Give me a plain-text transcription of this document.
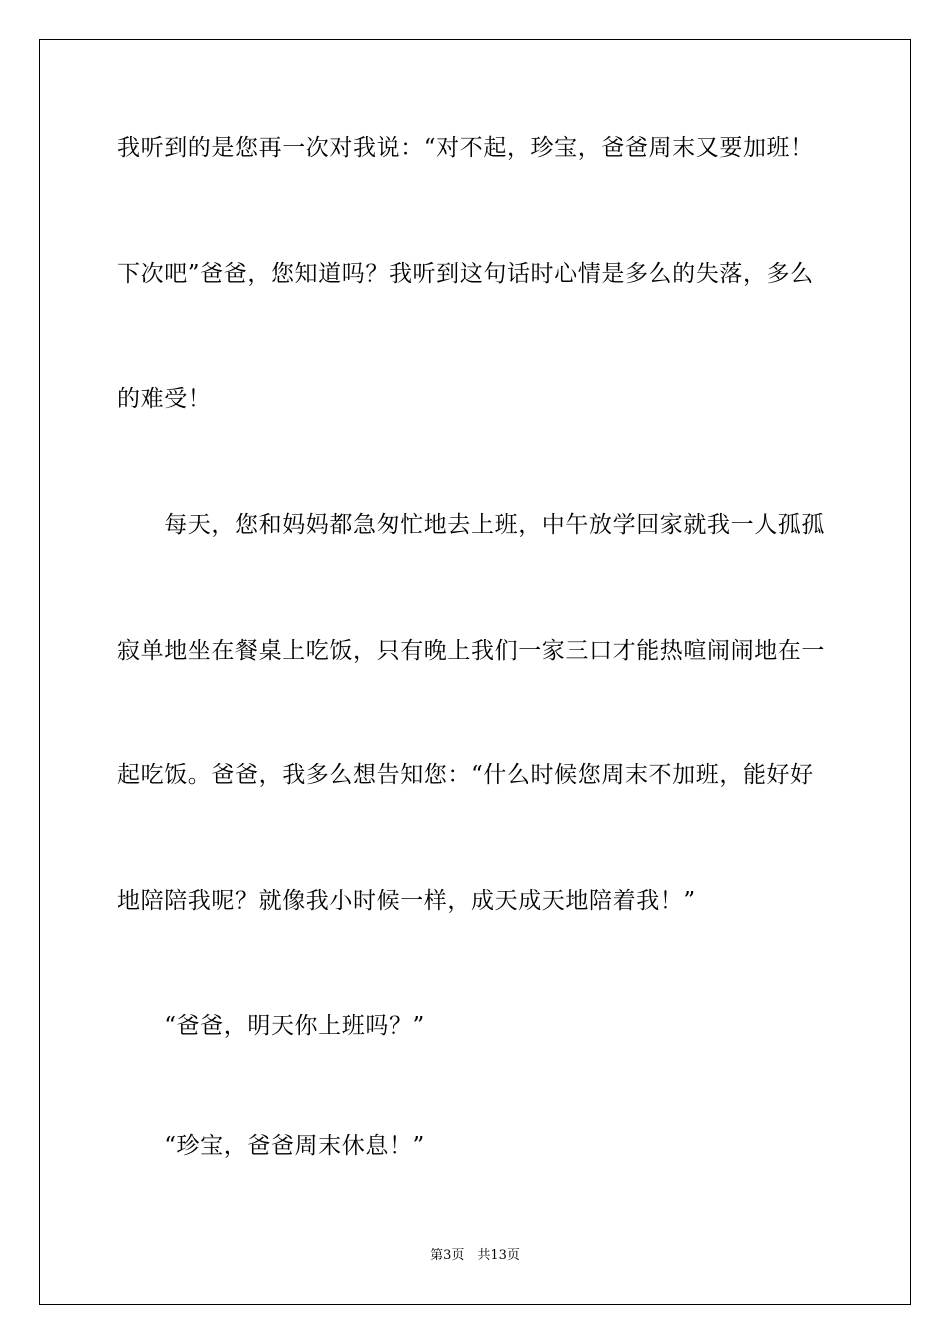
我听到的是您再一次对我说：“对不起，珍宝，爸爸周末又要加班！
下次吧”爸爸，您知道吗？我听到这句话时心情是多么的失落，多么
的难受！
　　每天，您和妈妈都急匆忙地去上班，中午放学回家就我一人孤孤
寂单地坐在餐桌上吃饭，只有晚上我们一家三口才能热喧闹闹地在一
起吃饭。爸爸，我多么想告知您：“什么时候您周末不加班，能好好
地陪陪我呢？就像我小时候一样，成天成天地陪着我！”
　　“爸爸，明天你上班吗？”
　　“珍宝，爸爸周末休息！”
第3页　共13页
